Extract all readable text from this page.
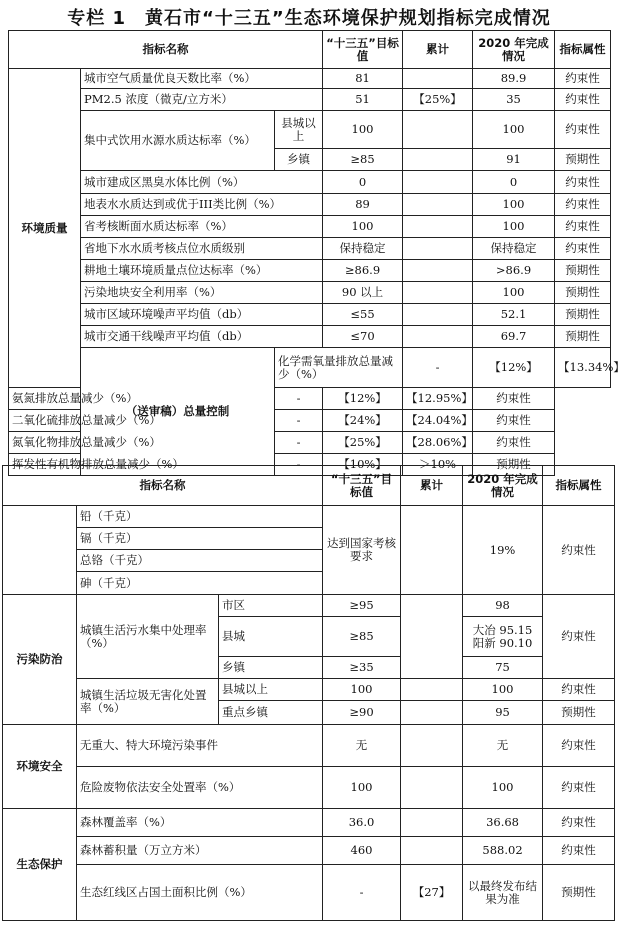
专栏 1　黄石市“十三五”生态环境保护规划指标完成情况
指标名称			“十三五”目标值	累计	2020 年完成情况	指标属性	
环境质量	城市空气质量优良天数比率（%）		81		89.9	约束性	
	PM2.5 浓度（微克/立方米）		51	【25%】	35	约束性	
	集中式饮用水源水质达标率（%）	县城以上	100		100	约束性	
		乡镇	≥85		91	预期性	
	城市建成区黑臭水体比例（%）		0		0	约束性	
	地表水水质达到或优于III类比例（%）		89		100	约束性	
	省考核断面水质达标率（%）		100		100	约束性	
	省地下水水质考核点位水质级别		保持稳定		保持稳定	约束性	
	耕地土壤环境质量点位达标率（%）		≥86.9		>86.9	预期性	
	污染地块安全利用率（%）		90 以上		100	预期性	
	城市区域环境噪声平均值（db）		≤55		52.1	预期性	
	城市交通干线噪声平均值（db）		≤70		69.7	预期性	
	（送审稿）总量控制	化学需氧量排放总量减少（%）		-	【12%】	【13.34%】	
氨氮排放总量减少（%）		-	【12%】	【12.95%】	约束性		
二氧化硫排放总量减少（%）		-	【24%】	【24.04%】	约束性		
氮氧化物排放总量减少（%）		-	【25%】	【28.06%】	约束性		
挥发性有机物排放总量减少（%）		-	【10%】	＞10%	预期性		
指标名称			“十三五”目标值	累计	2020 年完成情况	指标属性
	铅（千克）		达到国家考核要求		19%	约束性
	镉（千克）					
	总铬（千克）					
	砷（千克）					
污染防治	城镇生活污水集中处理率（%）	市区	≥95		98	约束性
		县城	≥85		大冶 95.15 阳新 90.10	
		乡镇	≥35		75	
	城镇生活垃圾无害化处置率（%）	县城以上	100		100	约束性
		重点乡镇	≥90		95	预期性
环境安全	无重大、特大环境污染事件		无		无	约束性
	危险废物依法安全处置率（%）		100		100	约束性
生态保护	森林覆盖率（%）		36.0		36.68	约束性
	森林蓄积量（万立方米）		460		588.02	约束性
	生态红线区占国土面积比例（%）		-	【27】	以最终发布结果为准	预期性
